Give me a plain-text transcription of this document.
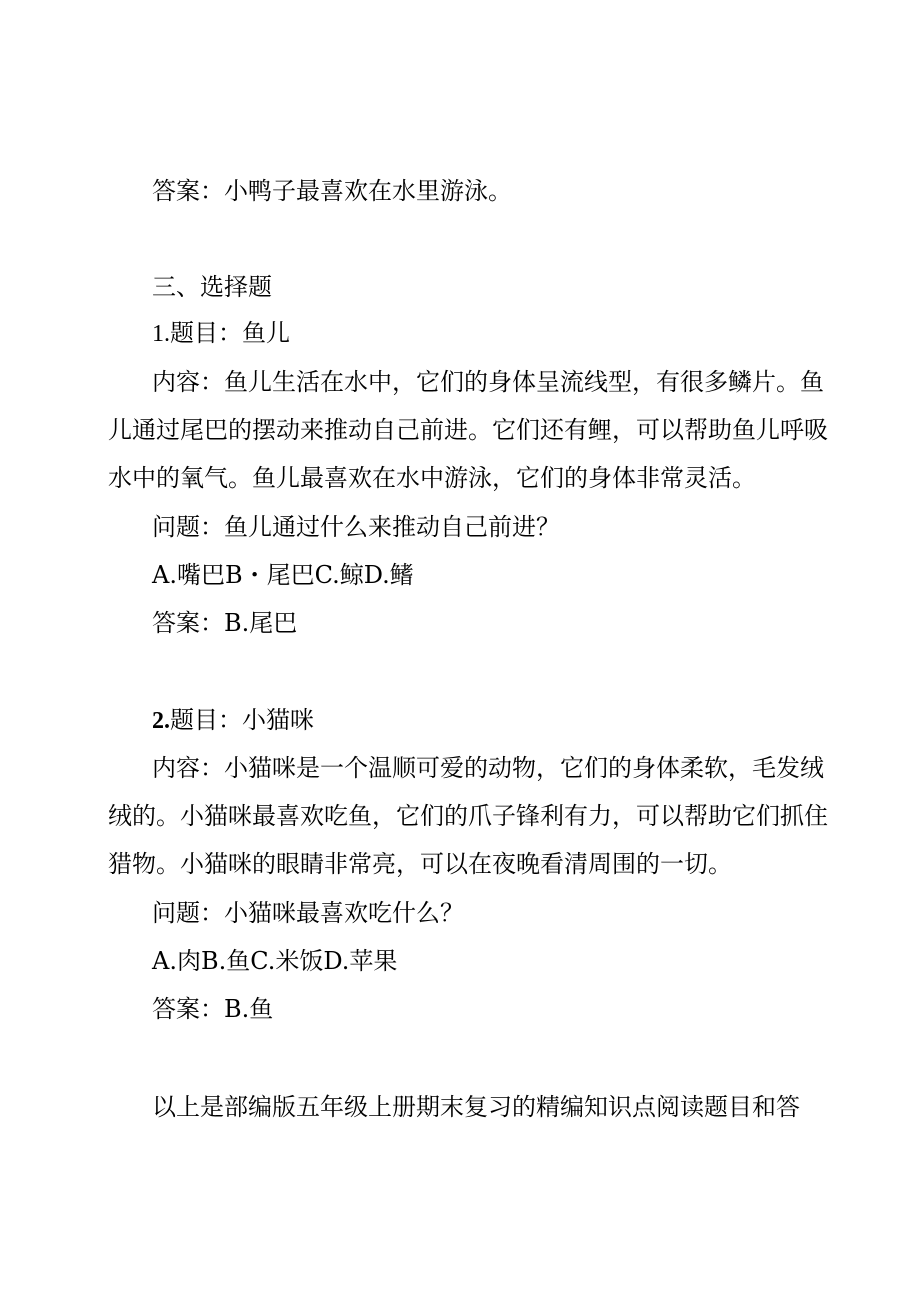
答案：小鸭子最喜欢在水里游泳。
三、选择题
1.题目：鱼儿
内容：鱼儿生活在水中，它们的身体呈流线型，有很多鳞片。鱼
儿通过尾巴的摆动来推动自己前进。它们还有鲤，可以帮助鱼儿呼吸
水中的氧气。鱼儿最喜欢在水中游泳，它们的身体非常灵活。
问题：鱼儿通过什么来推动自己前进？
A.嘴巴B・尾巴C.鲸D.鳍
答案：B.尾巴
2.题目：小猫咪
内容：小猫咪是一个温顺可爱的动物，它们的身体柔软，毛发绒
绒的。小猫咪最喜欢吃鱼，它们的爪子锋利有力，可以帮助它们抓住
猎物。小猫咪的眼睛非常亮，可以在夜晚看清周围的一切。
问题：小猫咪最喜欢吃什么？
A.肉B.鱼C.米饭D.苹果
答案：B.鱼
以上是部编版五年级上册期末复习的精编知识点阅读题目和答
